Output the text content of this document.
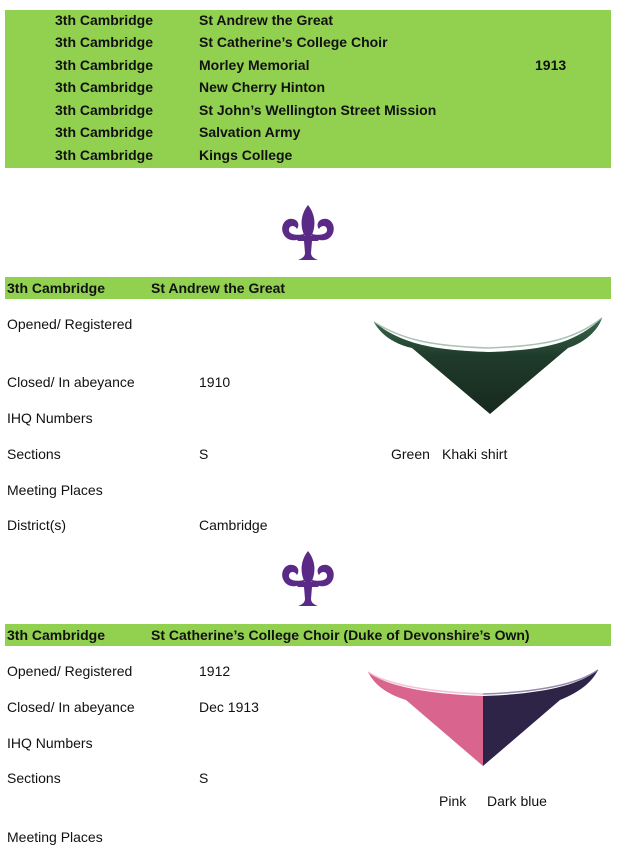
3th Cambridge	St Andrew the Great
3th Cambridge	St Catherine’s College Choir
3th Cambridge	Morley Memorial	1913
3th Cambridge	New Cherry Hinton
3th Cambridge	St John’s Wellington Street Mission
3th Cambridge	Salvation Army
3th Cambridge	Kings College
3th Cambridge	St Andrew the Great
Opened/ Registered
Closed/ In abeyance	1910
IHQ Numbers
Sections	S	Green Khaki shirt
Meeting Places
District(s)	Cambridge
3th Cambridge	St Catherine’s College Choir (Duke of Devonshire’s Own)
Opened/ Registered	1912
Closed/ In abeyance	Dec 1913
IHQ Numbers
Sections	S
Pink Dark blue
Meeting Places
